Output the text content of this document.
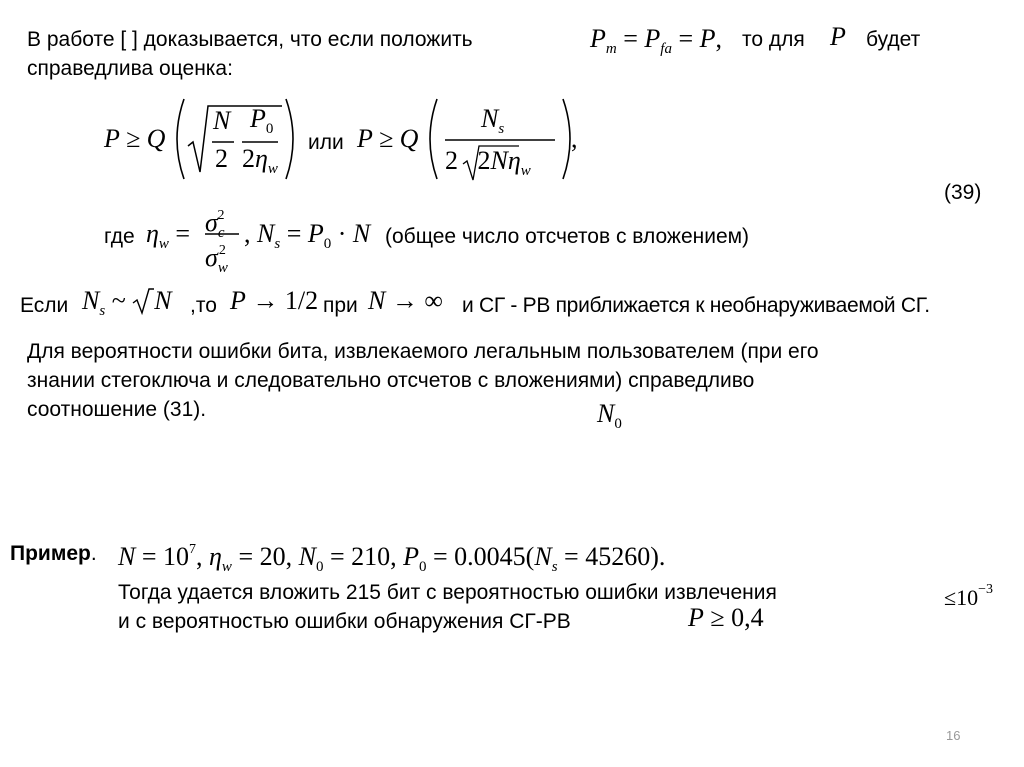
В работе [ ] доказывается, что если положить	$P_m = P_{fa} = P$, то для P будет
справедлива оценка:
P ≥ Q
N
2
$P_0$
$2\eta_w$
или P ≥ Q
$N_s$
2 $2N\eta_w$
,
(39)
где $\eta_w = \sigma_c^2$
$\sigma_w^2$
, $N_s = P_0 \cdot N$ (общее число отсчетов с вложением)
Если $N_s$ ~ N ,то P → 1/2 при N → ∞ и СГ - РВ приближается к необнаруживаемой СГ.
Для вероятности ошибки бита, извлекаемого легальным пользователем (при его
знании стегоключа и следовательно отсчетов с вложениями) справедливо
соотношение (31).	$N_0$
Пример. $N = 10^7$, $\eta_w = 20$, $N_0 = 210$, $P_0 = 0.0045(N_s = 45260)$.
Тогда удается вложить 215 бит с вероятностью ошибки извлечения	$\le 10^{-3}$
и с вероятностью ошибки обнаружения СГ-РВ	P ≥ 0,4
16
